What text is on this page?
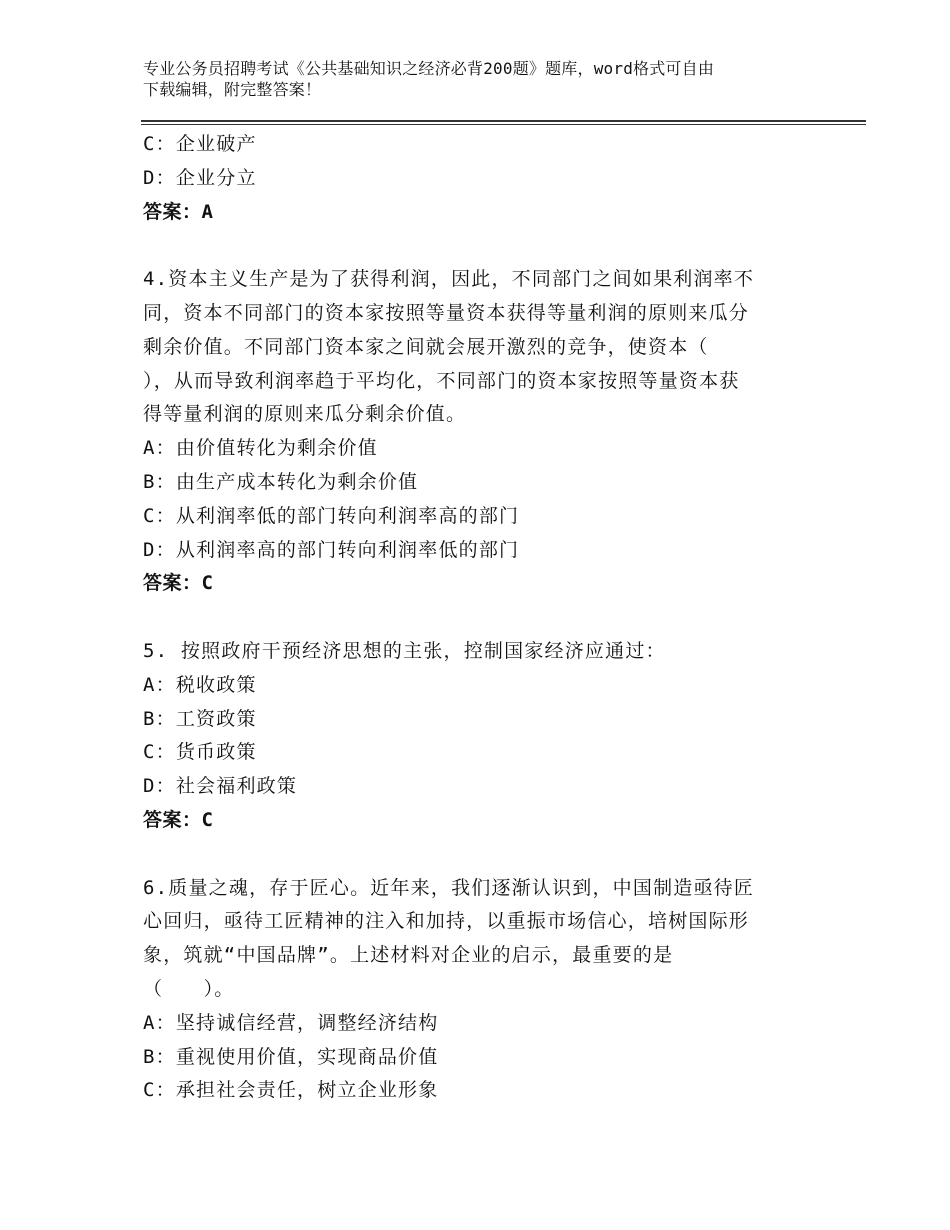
专业公务员招聘考试《公共基础知识之经济必背200题》题库，word格式可自由
下载编辑，附完整答案！
C：企业破产
D：企业分立
答案：A
4.资本主义生产是为了获得利润，因此，不同部门之间如果利润率不
同，资本不同部门的资本家按照等量资本获得等量利润的原则来瓜分
剩余价值。不同部门资本家之间就会展开激烈的竞争，使资本（
），从而导致利润率趋于平均化，不同部门的资本家按照等量资本获
得等量利润的原则来瓜分剩余价值。
A：由价值转化为剩余价值
B：由生产成本转化为剩余价值
C：从利润率低的部门转向利润率高的部门
D：从利润率高的部门转向利润率低的部门
答案：C
5. 按照政府干预经济思想的主张，控制国家经济应通过：
A：税收政策
B：工资政策
C：货币政策
D：社会福利政策
答案：C
6.质量之魂，存于匠心。近年来，我们逐渐认识到，中国制造亟待匠
心回归，亟待工匠精神的注入和加持，以重振市场信心，培树国际形
象，筑就“中国品牌”。上述材料对企业的启示，最重要的是
（　　）。
A：坚持诚信经营，调整经济结构
B：重视使用价值，实现商品价值
C：承担社会责任，树立企业形象
